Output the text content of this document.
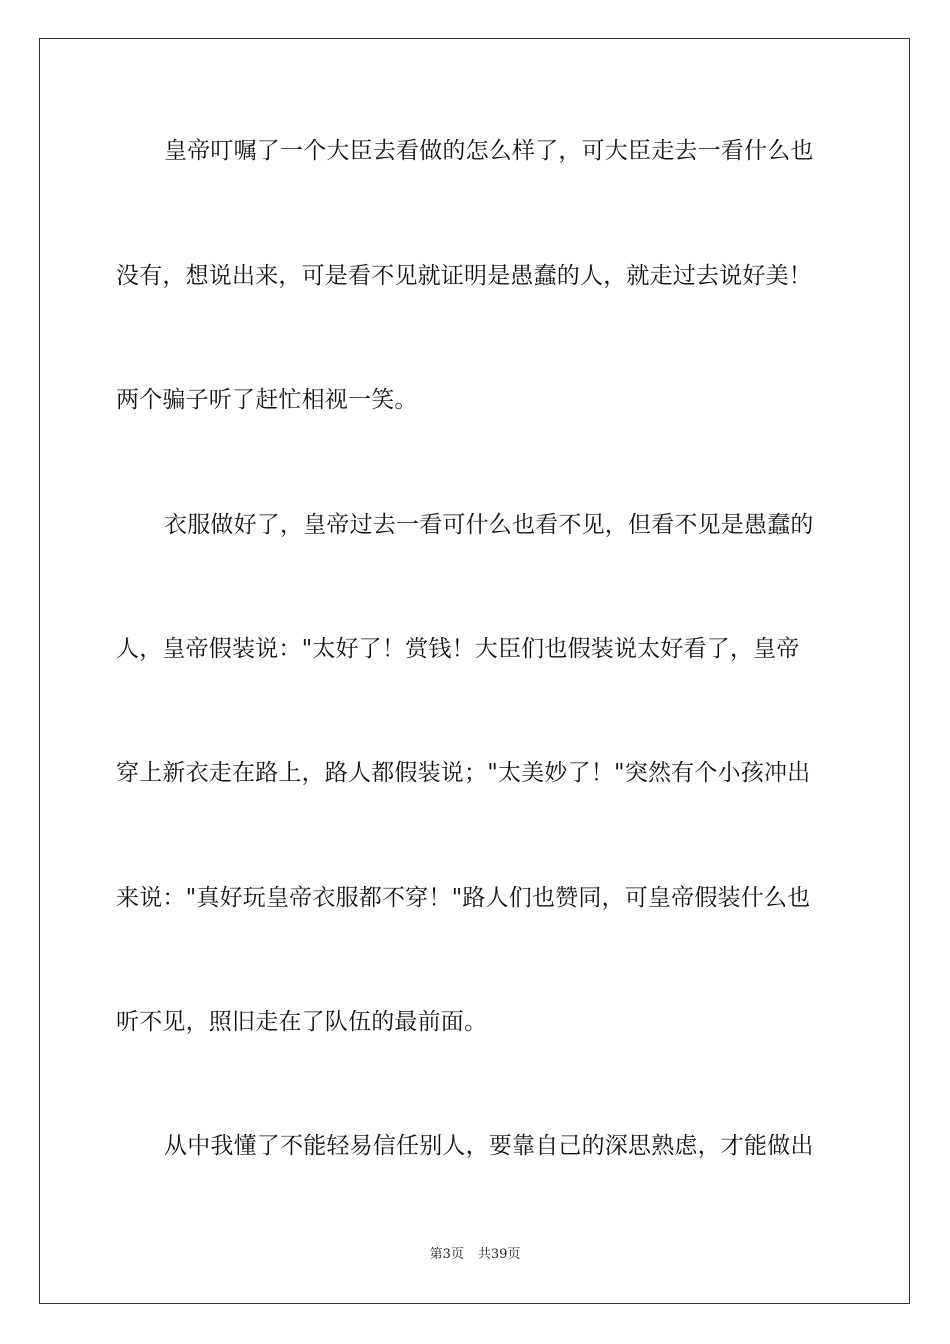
皇帝叮嘱了一个大臣去看做的怎么样了，可大臣走去一看什么也
没有，想说出来，可是看不见就证明是愚蠢的人，就走过去说好美！
两个骗子听了赶忙相视一笑。
衣服做好了，皇帝过去一看可什么也看不见，但看不见是愚蠢的
人，皇帝假装说："太好了！赏钱！大臣们也假装说太好看了，皇帝
穿上新衣走在路上，路人都假装说；"太美妙了！"突然有个小孩冲出
来说："真好玩皇帝衣服都不穿！"路人们也赞同，可皇帝假装什么也
听不见，照旧走在了队伍的最前面。
从中我懂了不能轻易信任别人，要靠自己的深思熟虑，才能做出
第3页 共39页
